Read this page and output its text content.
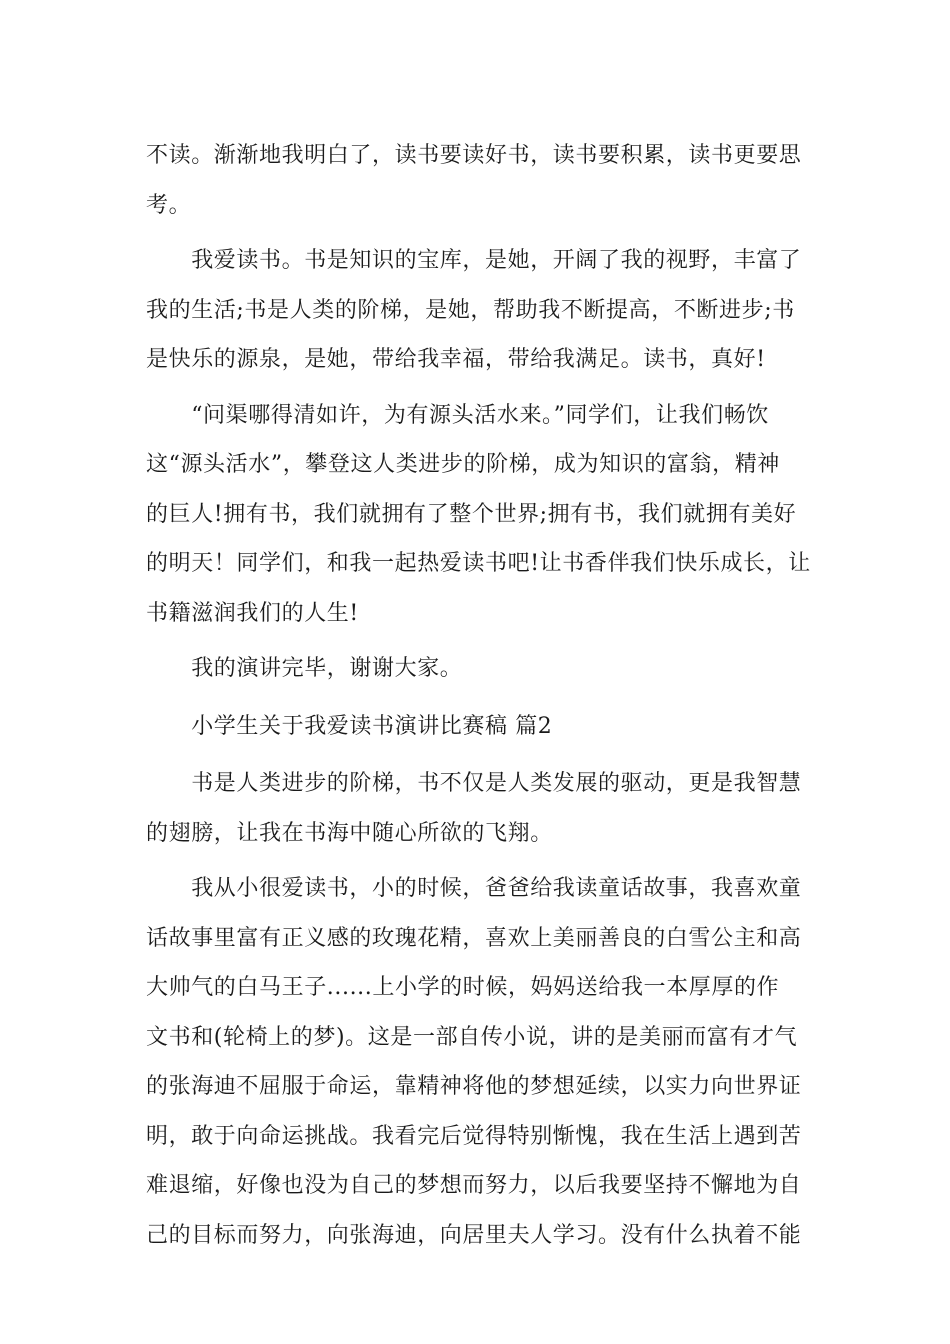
不读。渐渐地我明白了，读书要读好书，读书要积累，读书更要思
考。

　　我爱读书。书是知识的宝库，是她，开阔了我的视野，丰富了
我的生活;书是人类的阶梯，是她，帮助我不断提高，不断进步;书
是快乐的源泉，是她，带给我幸福，带给我满足。读书，真好!

　　“问渠哪得清如许，为有源头活水来。”同学们，让我们畅饮
这“源头活水”，攀登这人类进步的阶梯，成为知识的富翁，精神
的巨人!拥有书，我们就拥有了整个世界;拥有书，我们就拥有美好
的明天！同学们，和我一起热爱读书吧!让书香伴我们快乐成长，让
书籍滋润我们的人生!

　　我的演讲完毕，谢谢大家。

　　小学生关于我爱读书演讲比赛稿 篇2

　　书是人类进步的阶梯，书不仅是人类发展的驱动，更是我智慧
的翅膀，让我在书海中随心所欲的飞翔。

　　我从小很爱读书，小的时候，爸爸给我读童话故事，我喜欢童
话故事里富有正义感的玫瑰花精，喜欢上美丽善良的白雪公主和高
大帅气的白马王子......上小学的时候，妈妈送给我一本厚厚的作
文书和(轮椅上的梦)。这是一部自传小说，讲的是美丽而富有才气
的张海迪不屈服于命运，靠精神将他的梦想延续，以实力向世界证
明，敢于向命运挑战。我看完后觉得特别惭愧，我在生活上遇到苦
难退缩，好像也没为自己的梦想而努力，以后我要坚持不懈地为自
己的目标而努力，向张海迪，向居里夫人学习。没有什么执着不能
